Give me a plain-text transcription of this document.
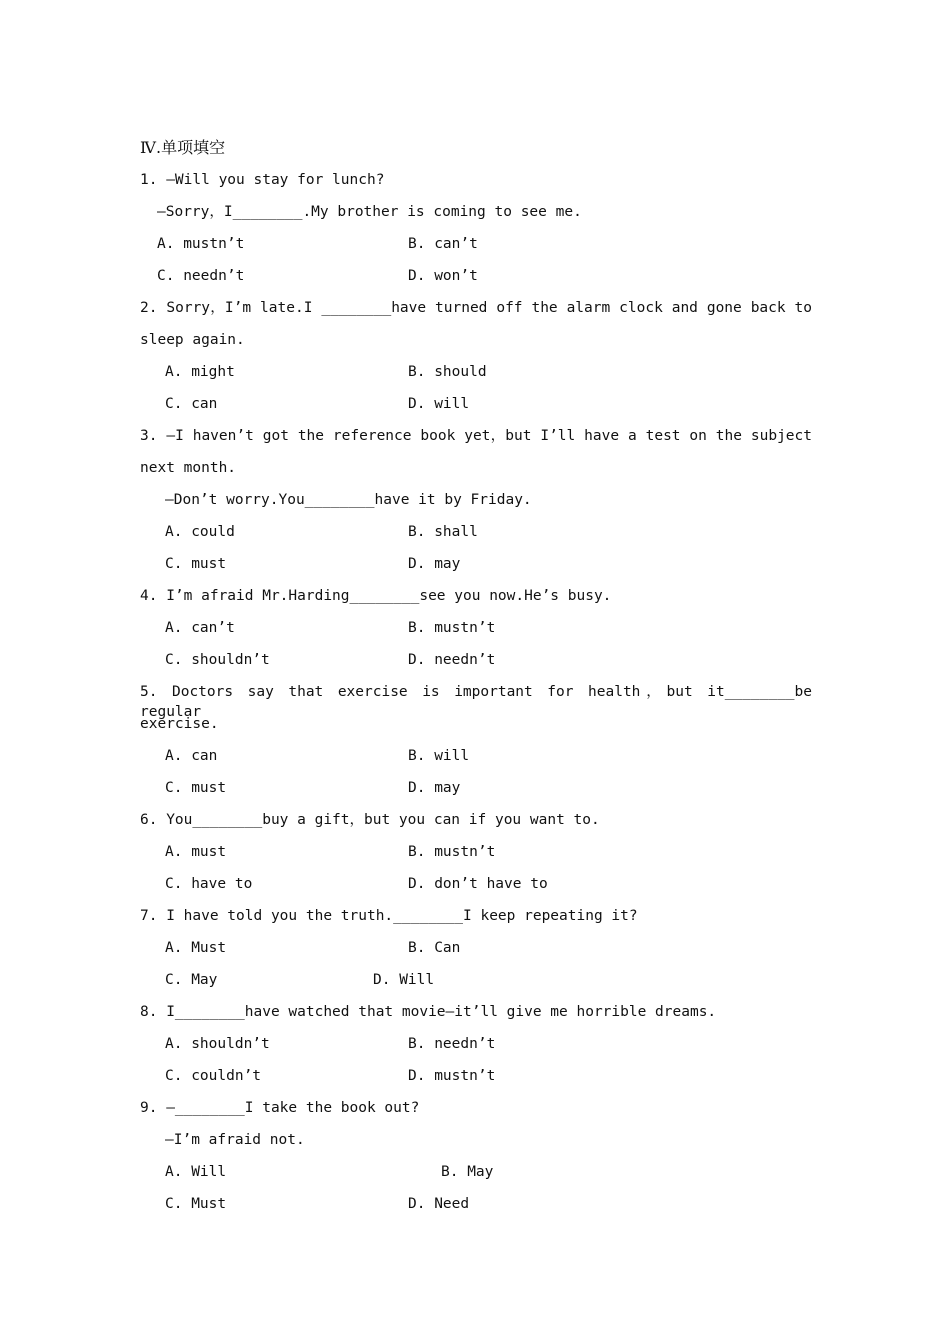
Ⅳ.单项填空
1. —Will you stay for lunch?
—Sorry，I________.My brother is coming to see me.
A. mustn’t	B. can’t
C. needn’t	D. won’t
2. Sorry，I’m late.I ________have turned off the alarm clock and gone back to
sleep again.
A. might	B. should
C. can	D. will
3. —I haven’t got the reference book yet，but I’ll have a test on the subject
next month.
—Don’t worry.You________have it by Friday.
A. could	B. shall
C. must	D. may
4. I’m afraid Mr.Harding________see you now.He’s busy.
A. can’t	B. mustn’t
C. shouldn’t	D. needn’t
5. Doctors say that exercise is important for health，but it________be regular
exercise.
A. can	B. will
C. must	D. may
6. You________buy a gift，but you can if you want to.
A. must	B. mustn’t
C. have to	D. don’t have to
7. I have told you the truth.________I keep repeating it?
A. Must	B. Can
C. May	D. Will
8. I________have watched that movie—it’ll give me horrible dreams.
A. shouldn’t	B. needn’t
C. couldn’t	D. mustn’t
9. —________I take the book out?
—I’m afraid not.
A. Will	B. May
C. Must	D. Need
